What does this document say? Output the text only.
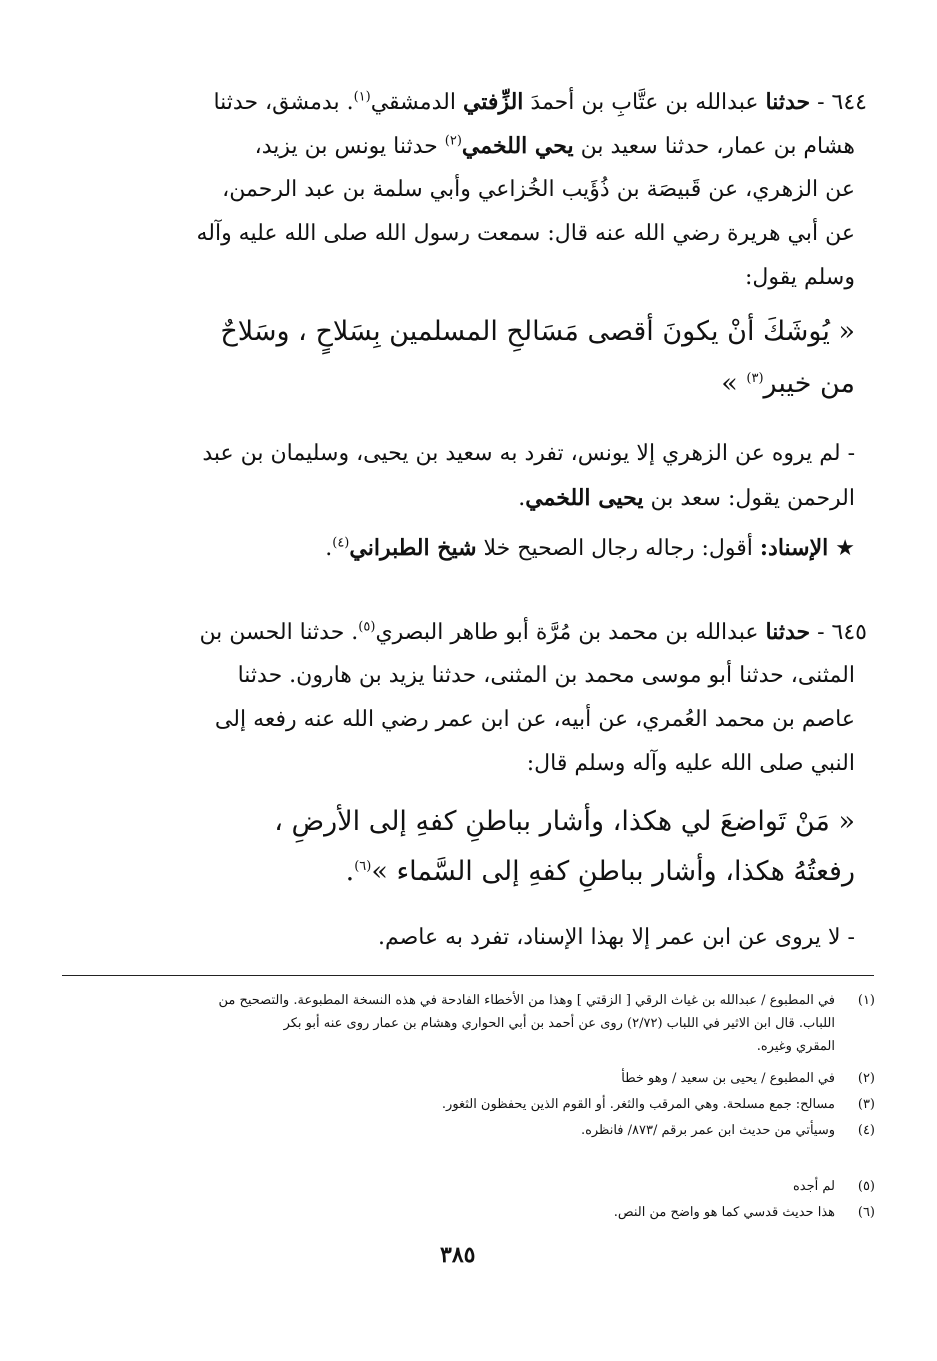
٦٤٤ - حدثنا عبدالله بن عتَّابِ بن أحمدَ الزِّفتي الدمشقي$^{(١)}$. بدمشق، حدثنا
هشام بن عمار، حدثنا سعيد بن يحي اللخمي$^{(٢)}$ حدثنا يونس بن يزيد،
عن الزهري، عن قَبيصَة بن ذُؤَيب الخُزاعي وأبي سلمة بن عبد الرحمن،
عن أبي هريرة رضي الله عنه قال: سمعت رسول الله صلى الله عليه وآله
وسلم يقول:
« يُوشَكَ أنْ يكونَ أقصى مَسَالحِ المسلمين بِسَلاحٍ ، وسَلاحٌ
من خيبر$^{(٣)}$ »
- لم يروه عن الزهري إلا يونس، تفرد به سعيد بن يحيى، وسليمان بن عبد
الرحمن يقول: سعد بن يحيى اللخمي.
★ الإسناد: أقول: رجاله رجال الصحيح خلا شيخ الطبراني$^{(٤)}$.
٦٤٥ - حدثنا عبدالله بن محمد بن مُرَّة أبو طاهر البصري$^{(٥)}$. حدثنا الحسن بن
المثنى، حدثنا أبو موسى محمد بن المثنى، حدثنا يزيد بن هارون. حدثنا
عاصم بن محمد العُمري، عن أبيه، عن ابن عمر رضي الله عنه رفعه إلى
النبي صلى الله عليه وآله وسلم قال:
« مَنْ تَواضعَ لي هكذا، وأشار بباطنِ كفهِ إلى الأرضِ ،
رفعتُهُ هكذا، وأشار بباطنِ كفهِ إلى السَّماء »$^{(٦)}$.
- لا يروى عن ابن عمر إلا بهذا الإسناد، تفرد به عاصم.
(١)
في المطبوع / عبدالله بن غياث الرقي [ الزقتي ] وهذا من الأخطاء الفادحة في هذه النسخة المطبوعة. والتصحيح من
اللباب. قال ابن الاثير في اللباب (٢/٧٢) روى عن أحمد بن أبي الحواري وهشام بن عمار روى عنه أبو بكر
المقري وغيره.
(٢)
في المطبوع / يحيى بن سعيد / وهو خطأ
(٣)
مسالح: جمع مسلحة. وهي المرقب والثغر. أو القوم الذين يحفظون الثغور.
(٤)
وسيأتي من حديث ابن عمر برقم /٨٧٣/ فانظره.
(٥)
لم أجده
(٦)
هذا حديث قدسي كما هو واضح من النص.
٣٨٥
